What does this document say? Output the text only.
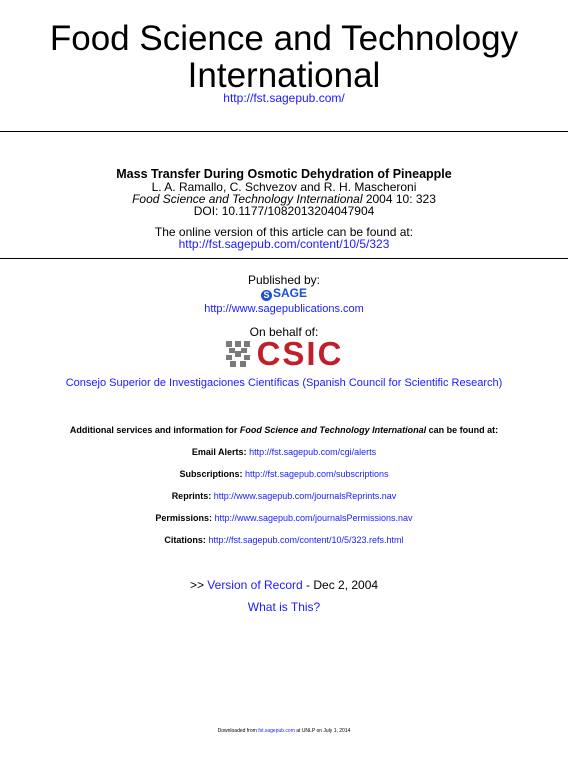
Food Science and Technology
International
http://fst.sagepub.com/
Mass Transfer During Osmotic Dehydration of Pineapple
L. A. Ramallo, C. Schvezov and R. H. Mascheroni
Food Science and Technology International 2004 10: 323
DOI: 10.1177/1082013204047904
The online version of this article can be found at:
http://fst.sagepub.com/content/10/5/323
Published by:
S SAGE
http://www.sagepublications.com
On behalf of:
CSIC
Consejo Superior de Investigaciones Científicas (Spanish Council for Scientific Research)
Additional services and information for Food Science and Technology International can be found at:
Email Alerts: http://fst.sagepub.com/cgi/alerts
Subscriptions: http://fst.sagepub.com/subscriptions
Reprints: http://www.sagepub.com/journalsReprints.nav
Permissions: http://www.sagepub.com/journalsPermissions.nav
Citations: http://fst.sagepub.com/content/10/5/323.refs.html
>> Version of Record - Dec 2, 2004
What is This?
Downloaded from fst.sagepub.com at UNLP on July 1, 2014
